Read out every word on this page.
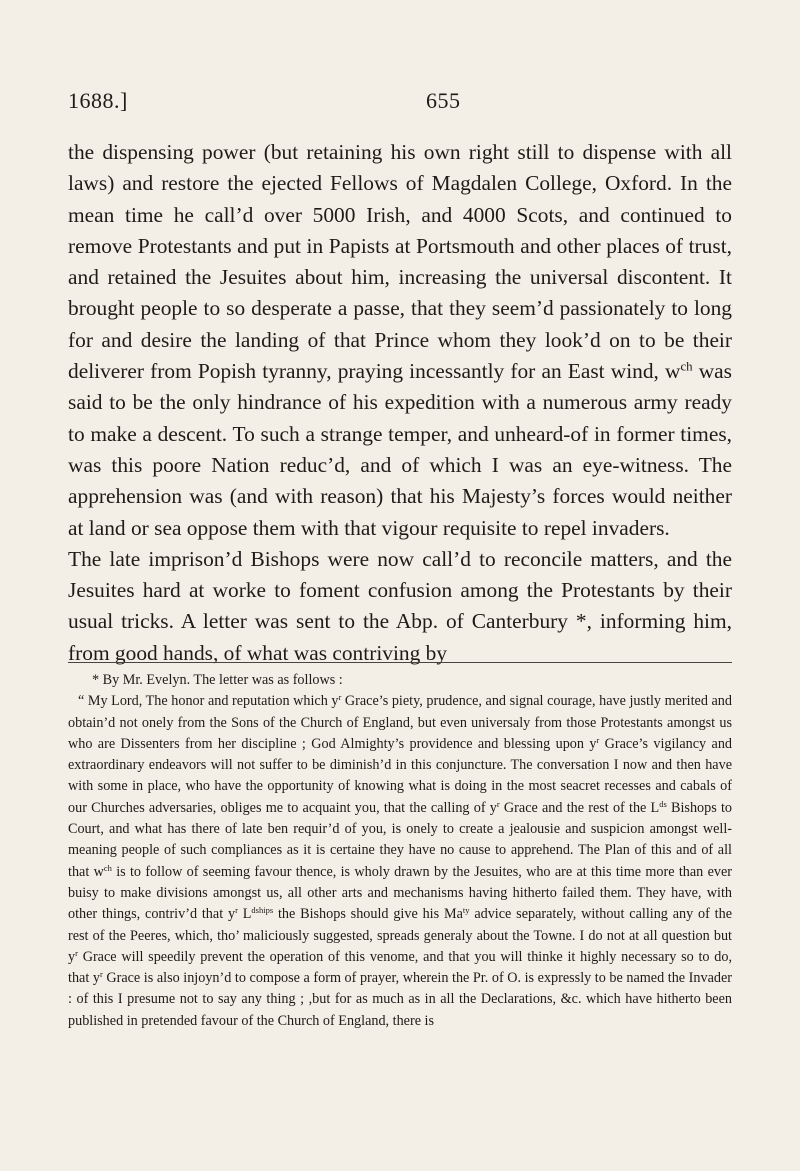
1688.]	655

the dispensing power (but retaining his own right still to dispense with all laws) and restore the ejected Fellows of Magdalen College, Oxford. In the mean time he call’d over 5000 Irish, and 4000 Scots, and continued to remove Protestants and put in Papists at Portsmouth and other places of trust, and retained the Jesuites about him, increasing the universal discontent. It brought people to so desperate a passe, that they seem’d passionately to long for and desire the landing of that Prince whom they look’d on to be their deliverer from Popish tyranny, praying incessantly for an East wind, $w^{ch}$ was said to be the only hindrance of his expedition with a numerous army ready to make a descent. To such a strange temper, and unheard-of in former times, was this poore Nation reduc’d, and of which I was an eye-witness. The apprehension was (and with reason) that his Majesty’s forces would neither at land or sea oppose them with that vigour requisite to repel invaders.

The late imprison’d Bishops were now call’d to reconcile matters, and the Jesuites hard at worke to foment confusion among the Protestants by their usual tricks. A letter was sent to the Abp. of Canterbury *, informing him, from good hands, of what was contriving by

* By Mr. Evelyn. The letter was as follows :

“ My Lord, The honor and reputation which $y^r$ Grace’s piety, prudence, and signal courage, have justly merited and obtain’d not onely from the Sons of the Church of England, but even universaly from those Protestants amongst us who are Dissenters from her discipline ; God Almighty’s providence and blessing upon $y^r$ Grace’s vigilancy and extraordinary endeavors will not suffer to be diminish’d in this conjuncture. The conversation I now and then have with some in place, who have the opportunity of knowing what is doing in the most seacret recesses and cabals of our Churches adversaries, obliges me to acquaint you, that the calling of $y^r$ Grace and the rest of the $L^{ds}$ Bishops to Court, and what has there of late ben requir’d of you, is onely to create a jealousie and suspicion amongst well-meaning people of such compliances as it is certaine they have no cause to apprehend. The Plan of this and of all that $w^{ch}$ is to follow of seeming favour thence, is wholy drawn by the Jesuites, who are at this time more than ever buisy to make divisions amongst us, all other arts and mechanisms having hitherto failed them. They have, with other things, contriv’d that $y^r$ $L^{dships}$ the Bishops should give his $Ma^{ty}$ advice separately, without calling any of the rest of the Peeres, which, tho’ maliciously suggested, spreads generaly about the Towne. I do not at all question but $y^r$ Grace will speedily prevent the operation of this venome, and that you will thinke it highly necessary so to do, that $y^r$ Grace is also injoyn’d to compose a form of prayer, wherein the Pr. of O. is expressly to be named the Invader : of this I presume not to say any thing ; ,but for as much as in all the Declarations, &c. which have hitherto been published in pretended favour of the Church of England, there is
